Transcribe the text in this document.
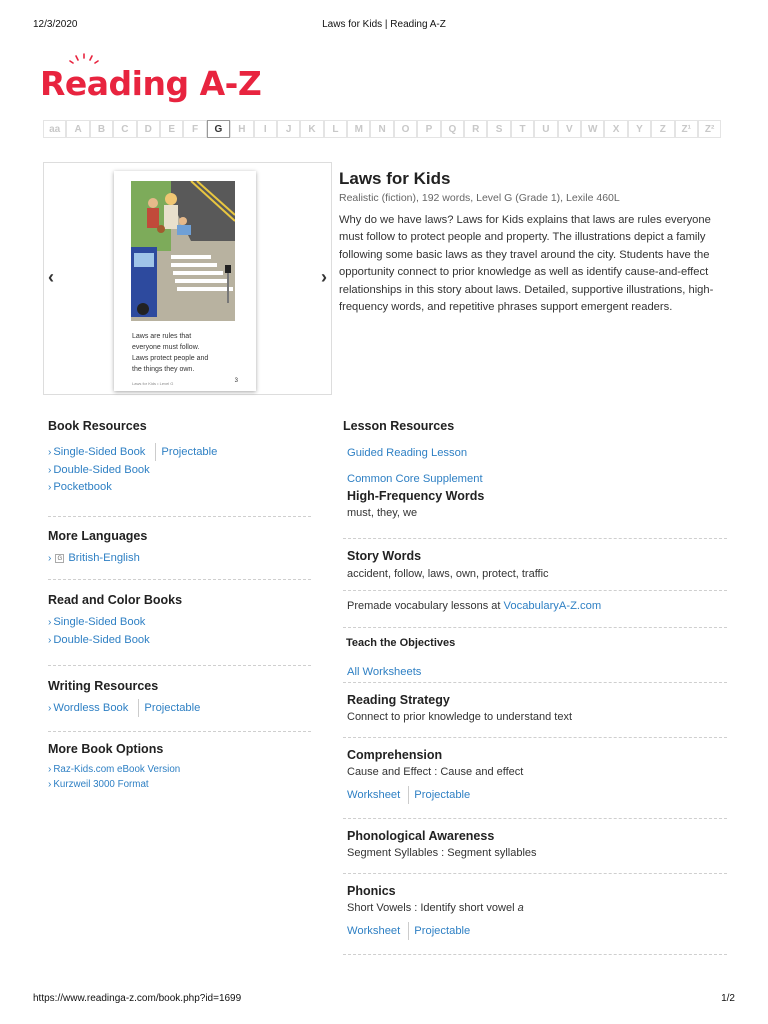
12/3/2020	Laws for Kids | Reading A-Z
Reading A-Z
aa	A	B	C	D	E	F	G	H	I	J	K	L	M	N	O	P	Q	R	S	T	U	V	W	X	Y	Z	Z¹	Z²
‹
Laws are rules that
everyone must follow.
Laws protect people and
the things they own.
Laws for Kids • Level G	3
›
Laws for Kids
Realistic (fiction), 192 words, Level G (Grade 1), Lexile 460L
Why do we have laws? Laws for Kids explains that laws are rules everyone must follow to protect people and property. The illustrations depict a family following some basic laws as they travel around the city. Students have the opportunity connect to prior knowledge as well as identify cause-and-effect relationships in this story about laws. Detailed, supportive illustrations, high-frequency words, and repetitive phrases support emergent readers.
Book Resources
› Single-Sided Book Projectable
› Double-Sided Book
› Pocketbook
More Languages
›	G British-English
Read and Color Books
› Single-Sided Book
› Double-Sided Book
Writing Resources
› Wordless Book Projectable
More Book Options
› Raz-Kids.com eBook Version
› Kurzweil 3000 Format
Lesson Resources
Guided Reading Lesson
Common Core Supplement
High-Frequency Words
must, they, we
Story Words
accident, follow, laws, own, protect, traffic
Premade vocabulary lessons at VocabularyA-Z.com
Teach the Objectives
All Worksheets
Reading Strategy
Connect to prior knowledge to understand text
Comprehension
Cause and Effect : Cause and effect
Worksheet Projectable
Phonological Awareness
Segment Syllables : Segment syllables
Phonics
Short Vowels : Identify short vowel a
Worksheet Projectable
https://www.readinga-z.com/book.php?id=1699	1/2
